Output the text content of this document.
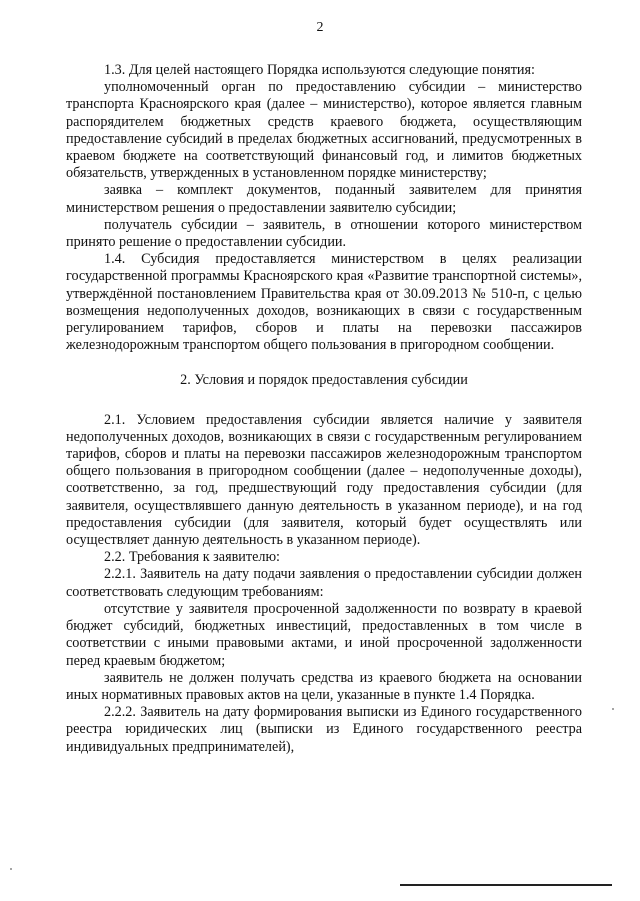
2

1.3. Для целей настоящего Порядка используются следующие понятия:

уполномоченный орган по предоставлению субсидии – министерство транспорта Красноярского края (далее – министерство), которое является главным распорядителем бюджетных средств краевого бюджета, осуществляющим предоставление субсидий в пределах бюджетных ассигнований, предусмотренных в краевом бюджете на соответствующий финансовый год, и лимитов бюджетных обязательств, утвержденных в установленном порядке министерству;

заявка – комплект документов, поданный заявителем для принятия министерством решения о предоставлении заявителю субсидии;

получатель субсидии – заявитель, в отношении которого министерством принято решение о предоставлении субсидии.

1.4. Субсидия предоставляется министерством в целях реализации государственной программы Красноярского края «Развитие транспортной системы», утверждённой постановлением Правительства края от 30.09.2013 № 510-п, с целью возмещения недополученных доходов, возникающих в связи с государственным регулированием тарифов, сборов и платы на перевозки пассажиров железнодорожным транспортом общего пользования в пригородном сообщении.

2. Условия и порядок предоставления субсидии

2.1. Условием предоставления субсидии является наличие у заявителя недополученных доходов, возникающих в связи с государственным регулированием тарифов, сборов и платы на перевозки пассажиров железнодорожным транспортом общего пользования в пригородном сообщении (далее – недополученные доходы), соответственно, за год, предшествующий году предоставления субсидии (для заявителя, осуществлявшего данную деятельность в указанном периоде), и на год предоставления субсидии (для заявителя, который будет осуществлять или осуществляет данную деятельность в указанном периоде).

2.2. Требования к заявителю:

2.2.1. Заявитель на дату подачи заявления о предоставлении субсидии должен соответствовать следующим требованиям:

отсутствие у заявителя просроченной задолженности по возврату в краевой бюджет субсидий, бюджетных инвестиций, предоставленных в том числе в соответствии с иными правовыми актами, и иной просроченной задолженности перед краевым бюджетом;

заявитель не должен получать средства из краевого бюджета на основании иных нормативных правовых актов на цели, указанные в пункте 1.4 Порядка.

2.2.2. Заявитель на дату формирования выписки из Единого государственного реестра юридических лиц (выписки из Единого государственного реестра индивидуальных предпринимателей),
